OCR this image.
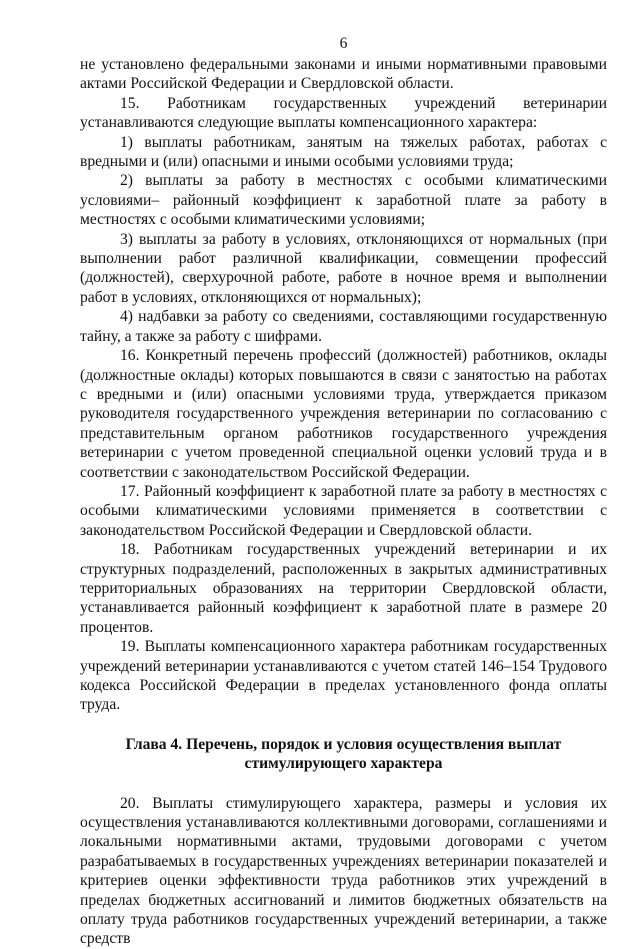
6

не установлено федеральными законами и иными нормативными правовыми актами Российской Федерации и Свердловской области.

15. Работникам государственных учреждений ветеринарии устанавливаются следующие выплаты компенсационного характера:

1) выплаты работникам, занятым на тяжелых работах, работах с вредными и (или) опасными и иными особыми условиями труда;

2) выплаты за работу в местностях с особыми климатическими условиями– районный коэффициент к заработной плате за работу в местностях с особыми климатическими условиями;

3) выплаты за работу в условиях, отклоняющихся от нормальных (при выполнении работ различной квалификации, совмещении профессий (должностей), сверхурочной работе, работе в ночное время и выполнении работ в условиях, отклоняющихся от нормальных);

4) надбавки за работу со сведениями, составляющими государственную тайну, а также за работу с шифрами.

16. Конкретный перечень профессий (должностей) работников, оклады (должностные оклады) которых повышаются в связи с занятостью на работах с вредными и (или) опасными условиями труда, утверждается приказом руководителя государственного учреждения ветеринарии по согласованию с представительным органом работников государственного учреждения ветеринарии с учетом проведенной специальной оценки условий труда и в соответствии с законодательством Российской Федерации.

17. Районный коэффициент к заработной плате за работу в местностях с особыми климатическими условиями применяется в соответствии с законодательством Российской Федерации и Свердловской области.

18. Работникам государственных учреждений ветеринарии и их структурных подразделений, расположенных в закрытых административных территориальных образованиях на территории Свердловской области, устанавливается районный коэффициент к заработной плате в размере 20 процентов.

19. Выплаты компенсационного характера работникам государственных учреждений ветеринарии устанавливаются с учетом статей 146–154 Трудового кодекса Российской Федерации в пределах установленного фонда оплаты труда.

Глава 4. Перечень, порядок и условия осуществления выплат стимулирующего характера

20. Выплаты стимулирующего характера, размеры и условия их осуществления устанавливаются коллективными договорами, соглашениями и локальными нормативными актами, трудовыми договорами с учетом разрабатываемых в государственных учреждениях ветеринарии показателей и критериев оценки эффективности труда работников этих учреждений в пределах бюджетных ассигнований и лимитов бюджетных обязательств на оплату труда работников государственных учреждений ветеринарии, а также средств
